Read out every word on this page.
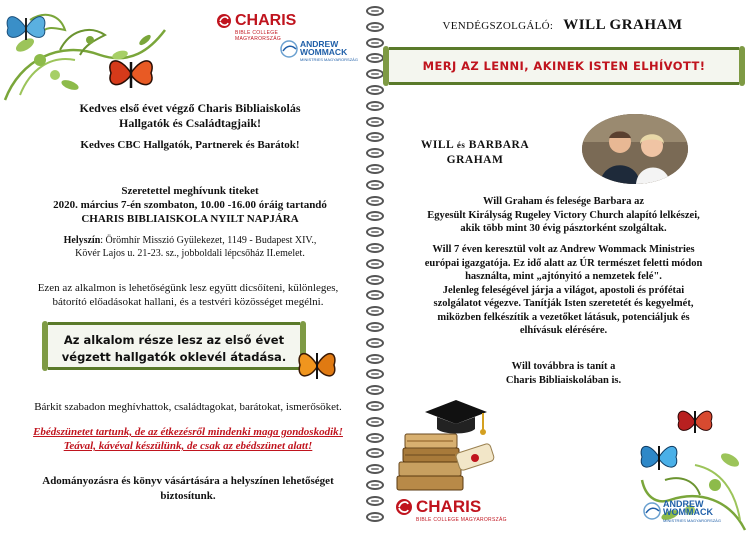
CHARIS
BIBLE COLLEGE MAGYARORSZÁG	ANDREW
WOMMACK
MINISTRIES MAGYARORSZÁG
Kedves első évet végző Charis Bibliaiskolás
Hallgatók és Családtagjaik!
Kedves CBC Hallgatók, Partnerek és Barátok!
Szeretettel meghívunk titeket
2020. március 7-én szombaton, 10.00 -16.00 óráig tartandó
CHARIS BIBLIAISKOLA NYILT NAPJÁRA
Helyszín: Örömhír Misszió Gyülekezet, 1149 - Budapest XIV.,
Kövér Lajos u. 21-23. sz., jobboldali lépcsőház II.emelet.
Ezen az alkalmon is lehetőségünk lesz együtt dicsőíteni, különleges,
bátorító előadásokat hallani, és a testvéri közösséget megélni.
Az alkalom része lesz az első évet
végzett hallgatók oklevél átadása.
Bárkit szabadon meghívhattok, családtagokat, barátokat, ismerősöket.
Ebédszünetet tartunk, de az étkezésről mindenki maga gondoskodik!
Teával, kávéval készülünk, de csak az ebédszünet alatt!
Adományozásra és könyv vásártására a helyszínen lehetőséget
biztosítunk.
VENDÉGSZOLGÁLÓ: WILL GRAHAM
MERJ AZ LENNI, AKINEK ISTEN ELHÍVOTT!
WILL és BARBARA
GRAHAM
Will Graham és felesége Barbara az
Egyesült Királyság Rugeley Victory Church alapító lelkészei,
akik több mint 30 évig pásztorként szolgáltak.
Will 7 éven keresztül volt az Andrew Wommack Ministries
európai igazgatója. Ez idő alatt az ÚR természet feletti módon
használta, mint „ajtónyitó a nemzetek felé".
Jelenleg feleségével járja a világot, apostoli és prófétai
szolgálatot végezve. Tanítják Isten szeretetét és kegyelmét,
miközben felkészítik a vezetőket látásuk, potenciáljuk és
elhívásuk elérésére.
Will továbbra is tanít a
Charis Bibliaiskolában is.
CHARIS
BIBLE COLLEGE MAGYARORSZÁG
ANDREW
WOMMACK
MINISTRIES MAGYARORSZÁG
